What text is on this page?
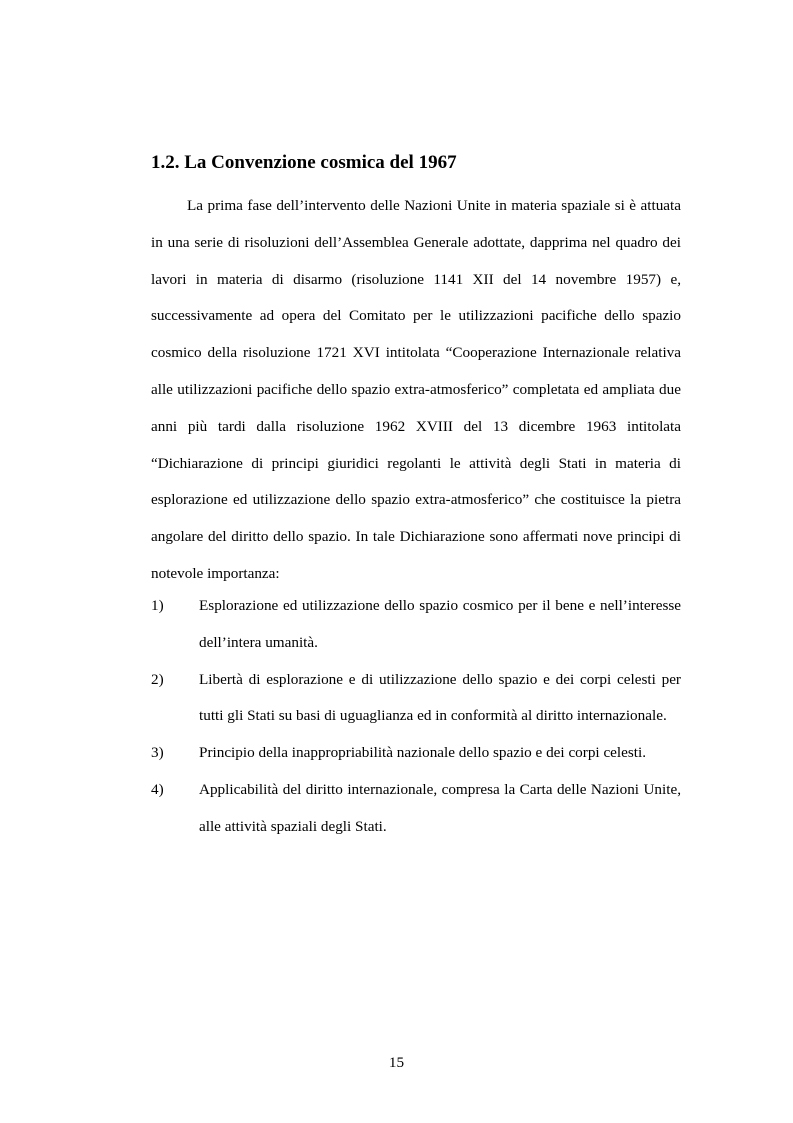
1.2. La Convenzione cosmica del 1967

La prima fase dell’intervento delle Nazioni Unite in materia spaziale si è attuata in una serie di risoluzioni dell’Assemblea Generale adottate, dapprima nel quadro dei lavori in materia di disarmo (risoluzione 1141 XII del 14 novembre 1957) e, successivamente ad opera del Comitato per le utilizzazioni pacifiche dello spazio cosmico della risoluzione 1721 XVI intitolata “Cooperazione Internazionale relativa alle utilizzazioni pacifiche dello spazio extra-atmosferico” completata ed ampliata due anni più tardi dalla risoluzione 1962 XVIII del 13 dicembre 1963 intitolata “Dichiarazione di principi giuridici regolanti le attività degli Stati in materia di esplorazione ed utilizzazione dello spazio extra-atmosferico” che costituisce la pietra angolare del diritto dello spazio. In tale Dichiarazione sono affermati nove principi di notevole importanza:

1) Esplorazione ed utilizzazione dello spazio cosmico per il bene e nell’interesse dell’intera umanità.
2) Libertà di esplorazione e di utilizzazione dello spazio e dei corpi celesti per tutti gli Stati su basi di uguaglianza ed in conformità al diritto internazionale.
3) Principio della inappropriabilità nazionale dello spazio e dei corpi celesti.
4) Applicabilità del diritto internazionale, compresa la Carta delle Nazioni Unite, alle attività spaziali degli Stati.
15
